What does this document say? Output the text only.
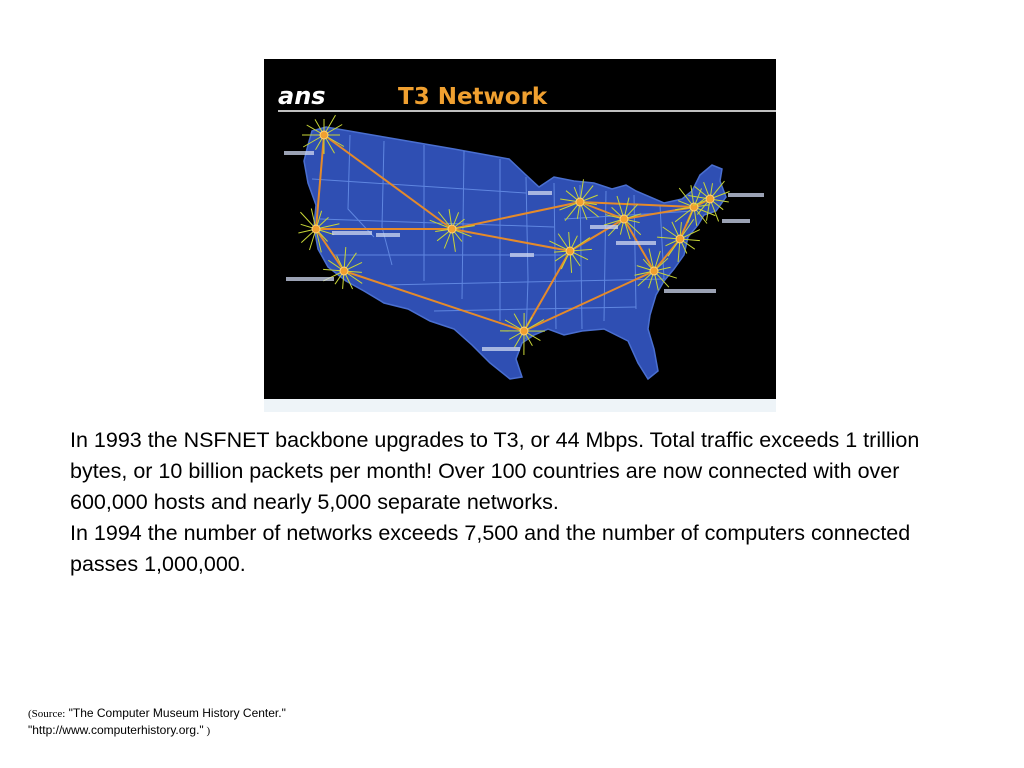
ans	T3 Network

In 1993 the NSFNET backbone upgrades to T3, or 44 Mbps. Total traffic exceeds 1 trillion bytes, or 10 billion packets per month! Over 100 countries are now connected with over 600,000 hosts and nearly 5,000 separate networks.

In 1994 the number of networks exceeds 7,500 and the number of computers connected passes 1,000,000.

(Source: "The Computer Museum History Center."
"http://www.computerhistory.org." )
